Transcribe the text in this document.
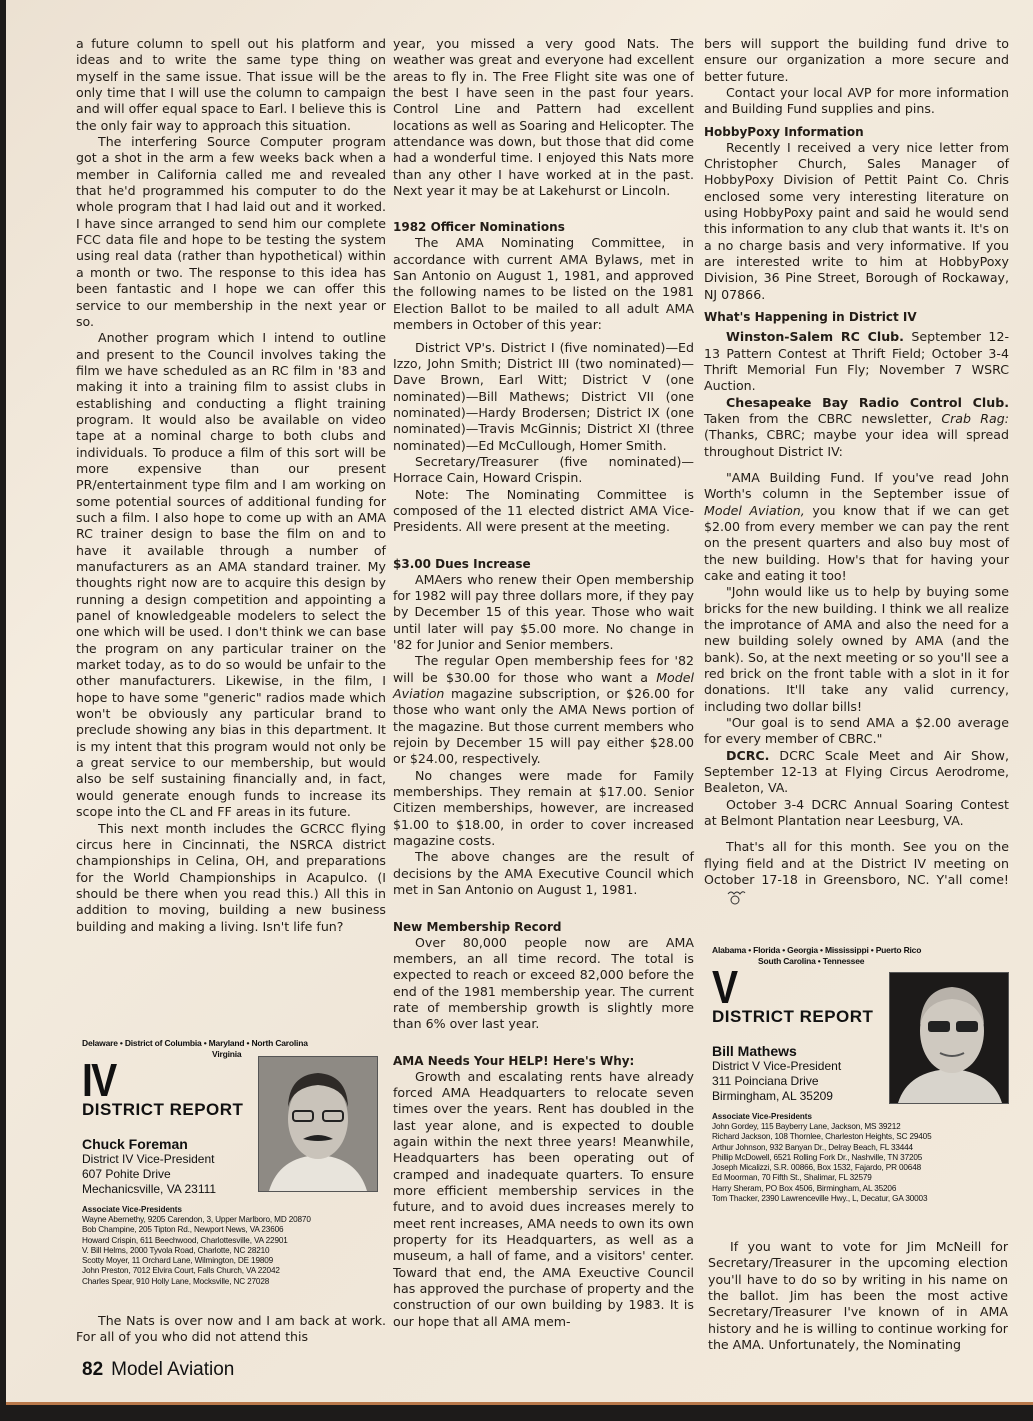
a future column to spell out his platform and ideas and to write the same type thing on myself in the same issue. That issue will be the only time that I will use the column to campaign and will offer equal space to Earl. I believe this is the only fair way to approach this situation.

The interfering Source Computer program got a shot in the arm a few weeks back when a member in California called me and revealed that he'd programmed his computer to do the whole program that I had laid out and it worked. I have since arranged to send him our complete FCC data file and hope to be testing the system using real data (rather than hypothetical) within a month or two. The response to this idea has been fantastic and I hope we can offer this service to our membership in the next year or so.

Another program which I intend to outline and present to the Council involves taking the film we have scheduled as an RC film in '83 and making it into a training film to assist clubs in establishing and conducting a flight training program. It would also be available on video tape at a nominal charge to both clubs and individuals. To produce a film of this sort will be more expensive than our present PR/entertainment type film and I am working on some potential sources of additional funding for such a film. I also hope to come up with an AMA RC trainer design to base the film on and to have it available through a number of manufacturers as an AMA standard trainer. My thoughts right now are to acquire this design by running a design competition and appointing a panel of knowledgeable modelers to select the one which will be used. I don't think we can base the program on any particular trainer on the market today, as to do so would be unfair to the other manufacturers. Likewise, in the film, I hope to have some "generic" radios made which won't be obviously any particular brand to preclude showing any bias in this department. It is my intent that this program would not only be a great service to our membership, but would also be self sustaining financially and, in fact, would generate enough funds to increase its scope into the CL and FF areas in its future.

This next month includes the GCRCC flying circus here in Cincinnati, the NSRCA district championships in Celina, OH, and preparations for the World Championships in Acapulco. (I should be there when you read this.) All this in addition to moving, building a new business building and making a living. Isn't life fun?

Delaware • District of Columbia • Maryland • North Carolina
Virginia
IV
DISTRICT REPORT
Chuck Foreman
District IV Vice-President
607 Pohite Drive
Mechanicsville, VA 23111
Associate Vice-Presidents
Wayne Abernethy, 9205 Carendon, 3, Upper Marlboro, MD 20870
Bob Champine, 205 Tipton Rd., Newport News, VA 23606
Howard Crispin, 611 Beechwood, Charlottesville, VA 22901
V. Bill Helms, 2000 Tyvola Road, Charlotte, NC 28210
Scotty Moyer, 11 Orchard Lane, Wilmington, DE 19809
John Preston, 7012 Elvira Court, Falls Church, VA 22042
Charles Spear, 910 Holly Lane, Mocksville, NC 27028

The Nats is over now and I am back at work. For all of you who did not attend this

year, you missed a very good Nats. The weather was great and everyone had excellent areas to fly in. The Free Flight site was one of the best I have seen in the past four years. Control Line and Pattern had excellent locations as well as Soaring and Helicopter. The attendance was down, but those that did come had a wonderful time. I enjoyed this Nats more than any other I have worked at in the past. Next year it may be at Lakehurst or Lincoln.

1982 Officer Nominations

The AMA Nominating Committee, in accordance with current AMA Bylaws, met in San Antonio on August 1, 1981, and approved the following names to be listed on the 1981 Election Ballot to be mailed to all adult AMA members in October of this year:

District VP's. District I (five nominated)—Ed Izzo, John Smith; District III (two nominated)—Dave Brown, Earl Witt; District V (one nominated)—Bill Mathews; District VII (one nominated)—Hardy Brodersen; District IX (one nominated)—Travis McGinnis; District XI (three nominated)—Ed McCullough, Homer Smith.

Secretary/Treasurer (five nominated)—Horrace Cain, Howard Crispin.

Note: The Nominating Committee is composed of the 11 elected district AMA Vice-Presidents. All were present at the meeting.

$3.00 Dues Increase

AMAers who renew their Open membership for 1982 will pay three dollars more, if they pay by December 15 of this year. Those who wait until later will pay $5.00 more. No change in '82 for Junior and Senior members.

The regular Open membership fees for '82 will be $30.00 for those who want a Model Aviation magazine subscription, or $26.00 for those who want only the AMA News portion of the magazine. But those current members who rejoin by December 15 will pay either $28.00 or $24.00, respectively.

No changes were made for Family memberships. They remain at $17.00. Senior Citizen memberships, however, are increased $1.00 to $18.00, in order to cover increased magazine costs.

The above changes are the result of decisions by the AMA Executive Council which met in San Antonio on August 1, 1981.

New Membership Record

Over 80,000 people now are AMA members, an all time record. The total is expected to reach or exceed 82,000 before the end of the 1981 membership year. The current rate of membership growth is slightly more than 6% over last year.

AMA Needs Your HELP! Here's Why:

Growth and escalating rents have already forced AMA Headquarters to relocate seven times over the years. Rent has doubled in the last year alone, and is expected to double again within the next three years! Meanwhile, Headquarters has been operating out of cramped and inadequate quarters. To ensure more efficient membership services in the future, and to avoid dues increases merely to meet rent increases, AMA needs to own its own property for its Headquarters, as well as a museum, a hall of fame, and a visitors' center. Toward that end, the AMA Exeuctive Council has approved the purchase of property and the construction of our own building by 1983. It is our hope that all AMA mem-

bers will support the building fund drive to ensure our organization a more secure and better future.

Contact your local AVP for more information and Building Fund supplies and pins.

HobbyPoxy Information

Recently I received a very nice letter from Christopher Church, Sales Manager of HobbyPoxy Division of Pettit Paint Co. Chris enclosed some very interesting literature on using HobbyPoxy paint and said he would send this information to any club that wants it. It's on a no charge basis and very informative. If you are interested write to him at HobbyPoxy Division, 36 Pine Street, Borough of Rockaway, NJ 07866.

What's Happening in District IV

Winston-Salem RC Club. September 12-13 Pattern Contest at Thrift Field; October 3-4 Thrift Memorial Fun Fly; November 7 WSRC Auction.

Chesapeake Bay Radio Control Club. Taken from the CBRC newsletter, Crab Rag: (Thanks, CBRC; maybe your idea will spread throughout District IV:

"AMA Building Fund. If you've read John Worth's column in the September issue of Model Aviation, you know that if we can get $2.00 from every member we can pay the rent on the present quarters and also buy most of the new building. How's that for having your cake and eating it too!

"John would like us to help by buying some bricks for the new building. I think we all realize the improtance of AMA and also the need for a new building solely owned by AMA (and the bank). So, at the next meeting or so you'll see a red brick on the front table with a slot in it for donations. It'll take any valid currency, including two dollar bills!

"Our goal is to send AMA a $2.00 average for every member of CBRC."

DCRC. DCRC Scale Meet and Air Show, September 12-13 at Flying Circus Aerodrome, Bealeton, VA.

October 3-4 DCRC Annual Soaring Contest at Belmont Plantation near Leesburg, VA.

That's all for this month. See you on the flying field and at the District IV meeting on October 17-18 in Greensboro, NC. Y'all come!

Alabama • Florida • Georgia • Mississippi • Puerto Rico
South Carolina • Tennessee
V
DISTRICT REPORT
Bill Mathews
District V Vice-President
311 Poinciana Drive
Birmingham, AL 35209
Associate Vice-Presidents
John Gordey, 115 Bayberry Lane, Jackson, MS 39212
Richard Jackson, 108 Thornlee, Charleston Heights, SC 29405
Arthur Johnson, 932 Banyan Dr., Delray Beach, FL 33444
Phillip McDowell, 6521 Rolling Fork Dr., Nashville, TN 37205
Joseph Micalizzi, S.R. 00866, Box 1532, Fajardo, PR 00648
Ed Moorman, 70 Fifth St., Shalimar, FL 32579
Harry Sheram, PO Box 4506, Birmingham, AL 35206
Tom Thacker, 2390 Lawrenceville Hwy., L, Decatur, GA 30003

If you want to vote for Jim McNeill for Secretary/Treasurer in the upcoming election you'll have to do so by writing in his name on the ballot. Jim has been the most active Secretary/Treasurer I've known of in AMA history and he is willing to continue working for the AMA. Unfortunately, the Nominating

82 Model Aviation
